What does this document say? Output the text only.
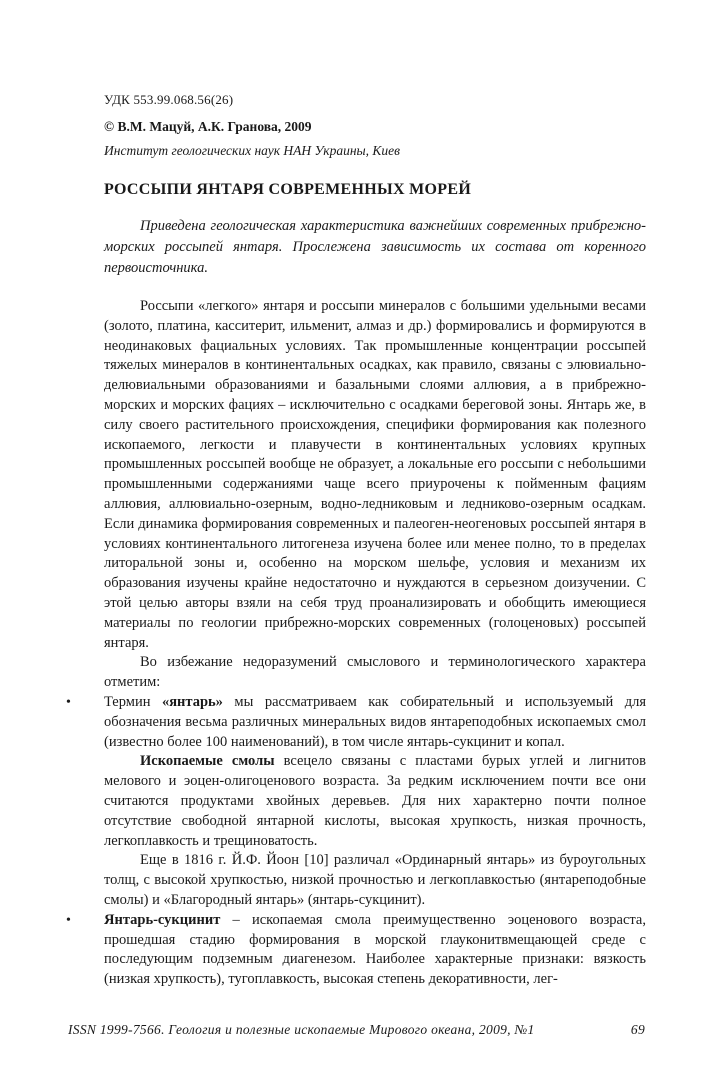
УДК 553.99.068.56(26)
© В.М. Мацуй, А.К. Гранова, 2009
Институт геологических наук НАН Украины, Киев
РОССЫПИ ЯНТАРЯ СОВРЕМЕННЫХ МОРЕЙ
Приведена геологическая характеристика важнейших современных прибрежно-морских россыпей янтаря. Прослежена зависимость их состава от коренного первоисточника.

Россыпи «легкого» янтаря и россыпи минералов с большими удельными весами (золото, платина, касситерит, ильменит, алмаз и др.) формировались и формируются в неодинаковых фациальных условиях. Так промышленные концентрации россыпей тяжелых минералов в континентальных осадках, как правило, связаны с элювиально-делювиальными образованиями и базальными слоями аллювия, а в прибрежно-морских и морских фациях – исключительно с осадками береговой зоны. Янтарь же, в силу своего растительного происхождения, специфики формирования как полезного ископаемого, легкости и плавучести в континентальных условиях крупных промышленных россыпей вообще не образует, а локальные его россыпи с небольшими промышленными содержаниями чаще всего приурочены к пойменным фациям аллювия, аллювиально-озерным, водно-ледниковым и ледниково-озерным осадкам. Если динамика формирования современных и палеоген-неогеновых россыпей янтаря в условиях континентального литогенеза изучена более или менее полно, то в пределах литоральной зоны и, особенно на морском шельфе, условия и механизм их образования изучены крайне недостаточно и нуждаются в серьезном доизучении. С этой целью авторы взяли на себя труд проанализировать и обобщить имеющиеся материалы по геологии прибрежно-морских современных (голоценовых) россыпей янтаря.

Во избежание недоразумений смыслового и терминологического характера отметим:

• Термин «янтарь» мы рассматриваем как собирательный и используемый для обозначения весьма различных минеральных видов янтареподобных ископаемых смол (известно более 100 наименований), в том числе янтарь-сукцинит и копал.

Ископаемые смолы всецело связаны с пластами бурых углей и лигнитов мелового и эоцен-олигоценового возраста. За редким исключением почти все они считаются продуктами хвойных деревьев. Для них характерно почти полное отсутствие свободной янтарной кислоты, высокая хрупкость, низкая прочность, легкоплавкость и трещиноватость.

Еще в 1816 г. Й.Ф. Йоон [10] различал «Ординарный янтарь» из буроугольных толщ, с высокой хрупкостью, низкой прочностью и легкоплавкостью (янтареподобные смолы) и «Благородный янтарь» (янтарь-сукцинит).

• Янтарь-сукцинит – ископаемая смола преимущественно эоценового возраста, прошедшая стадию формирования в морской глауконитвмещающей среде с последующим подземным диагенезом. Наиболее характерные признаки: вязкость (низкая хрупкость), тугоплавкость, высокая степень декоративности, лег-
ISSN 1999-7566. Геология и полезные ископаемые Мирового океана, 2009, №1	69
